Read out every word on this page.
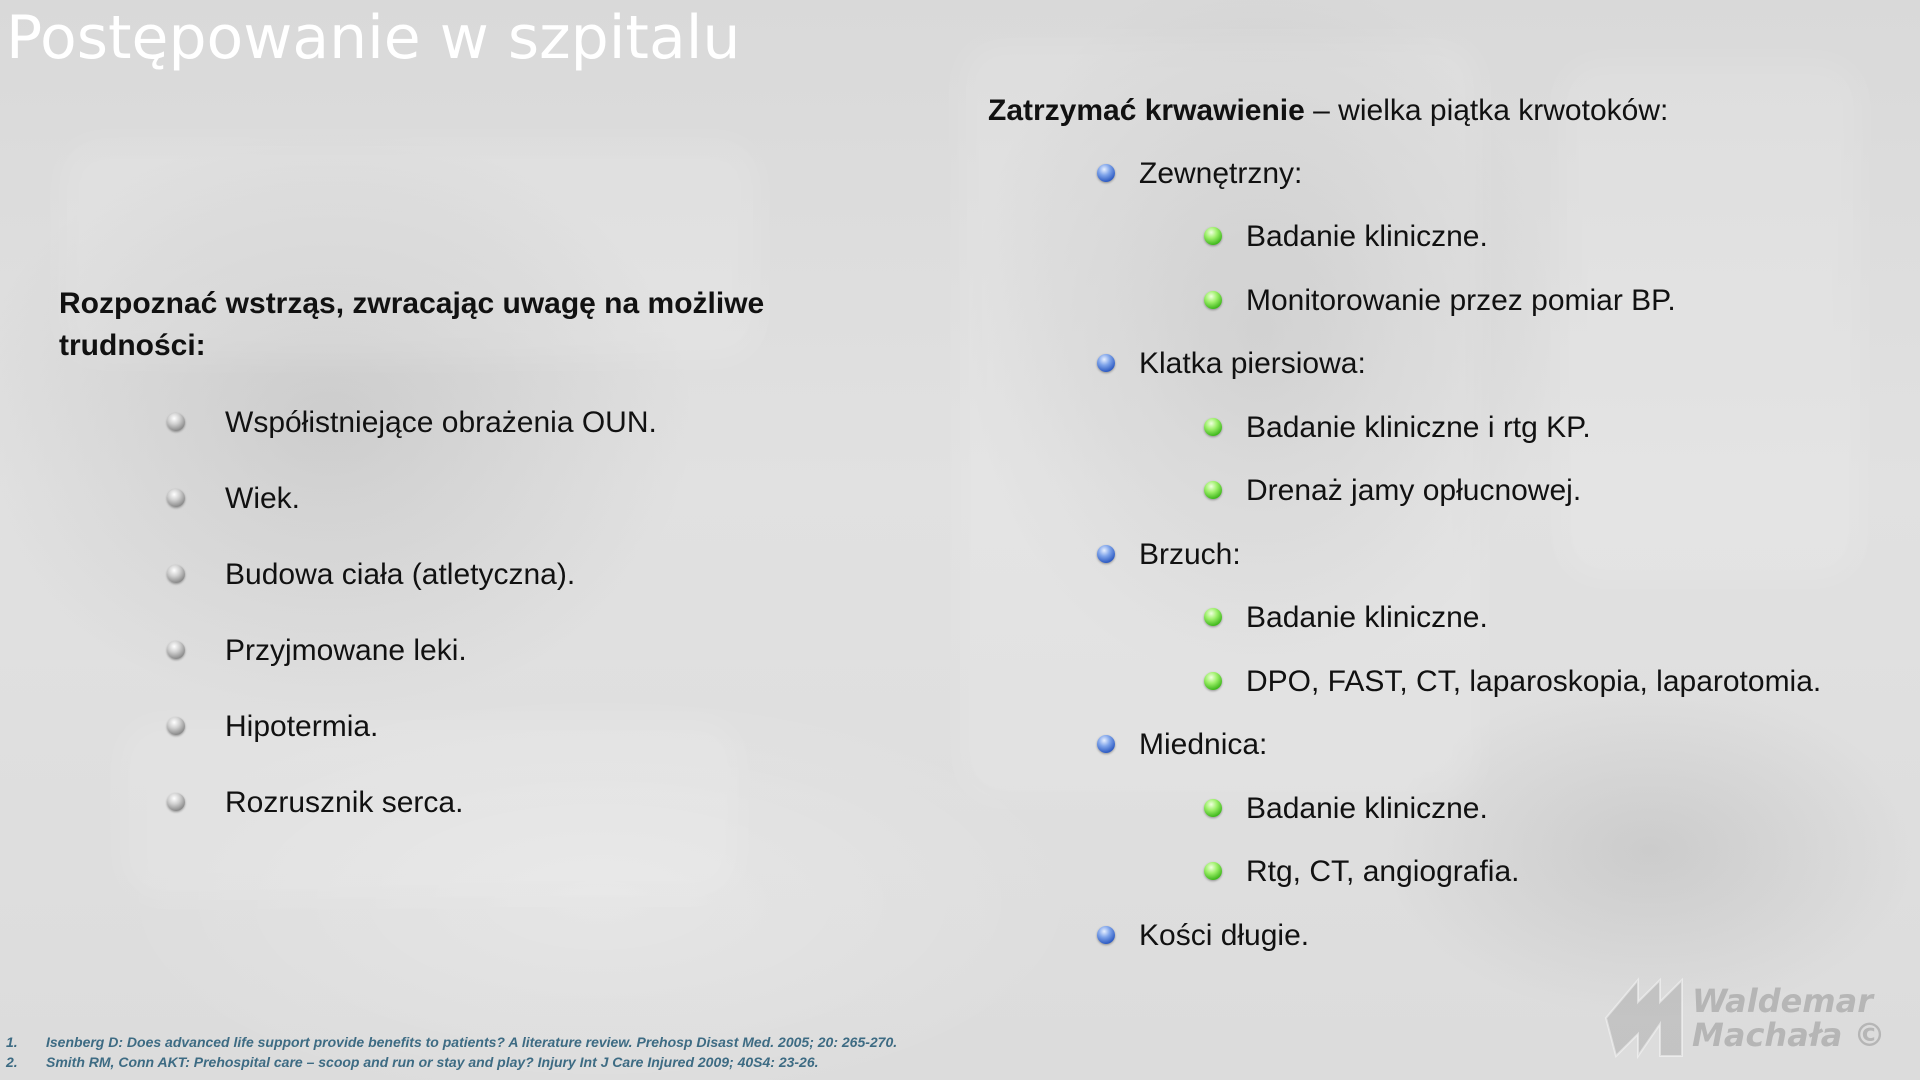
Postępowanie w szpitalu

Rozpoznać wstrząs, zwracając uwagę na możliwe trudności:

Współistniejące obrażenia OUN.
Wiek.
Budowa ciała (atletyczna).
Przyjmowane leki.
Hipotermia.
Rozrusznik serca.

Zatrzymać krwawienie – wielka piątka krwotoków:

Zewnętrzny:
Badanie kliniczne.
Monitorowanie przez pomiar BP.
Klatka piersiowa:
Badanie kliniczne i rtg KP.
Drenaż jamy opłucnowej.
Brzuch:
Badanie kliniczne.
DPO, FAST, CT, laparoskopia, laparotomia.
Miednica:
Badanie kliniczne.
Rtg, CT, angiografia.
Kości długie.
1. Isenberg D: Does advanced life support provide benefits to patients? A literature review. Prehosp Disast Med. 2005; 20: 265-270.
2. Smith RM, Conn AKT: Prehospital care – scoop and run or stay and play? Injury Int J Care Injured 2009; 40S4: 23-26.
Waldemar
Machała ©
